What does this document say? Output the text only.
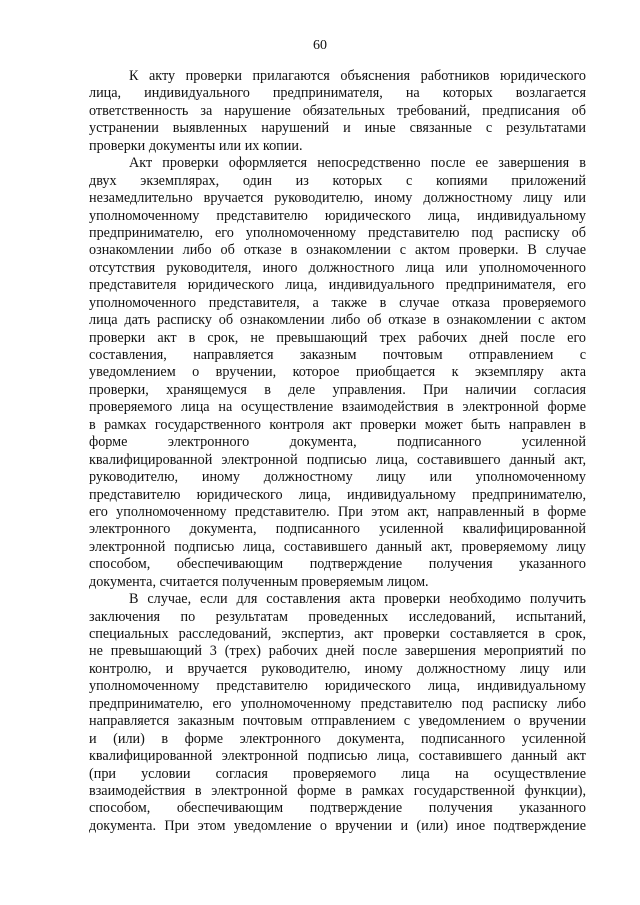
60
К акту проверки прилагаются объяснения работников юридического
лица, индивидуального предпринимателя, на которых возлагается
ответственность за нарушение обязательных требований, предписания об
устранении выявленных нарушений и иные связанные с результатами
проверки документы или их копии.
Акт проверки оформляется непосредственно после ее завершения в
двух экземплярах, один из которых с копиями приложений
незамедлительно вручается руководителю, иному должностному лицу или
уполномоченному представителю юридического лица, индивидуальному
предпринимателю, его уполномоченному представителю под расписку об
ознакомлении либо об отказе в ознакомлении с актом проверки. В случае
отсутствия руководителя, иного должностного лица или уполномоченного
представителя юридического лица, индивидуального предпринимателя, его
уполномоченного представителя, а также в случае отказа проверяемого
лица дать расписку об ознакомлении либо об отказе в ознакомлении с актом
проверки акт в срок, не превышающий трех рабочих дней после его
составления, направляется заказным почтовым отправлением с
уведомлением о вручении, которое приобщается к экземпляру акта
проверки, хранящемуся в деле управления. При наличии согласия
проверяемого лица на осуществление взаимодействия в электронной форме
в рамках государственного контроля акт проверки может быть направлен в
форме электронного документа, подписанного усиленной
квалифицированной электронной подписью лица, составившего данный акт,
руководителю, иному должностному лицу или уполномоченному
представителю юридического лица, индивидуальному предпринимателю,
его уполномоченному представителю. При этом акт, направленный в форме
электронного документа, подписанного усиленной квалифицированной
электронной подписью лица, составившего данный акт, проверяемому лицу
способом, обеспечивающим подтверждение получения указанного
документа, считается полученным проверяемым лицом.
В случае, если для составления акта проверки необходимо получить
заключения по результатам проведенных исследований, испытаний,
специальных расследований, экспертиз, акт проверки составляется в срок,
не превышающий 3 (трех) рабочих дней после завершения мероприятий по
контролю, и вручается руководителю, иному должностному лицу или
уполномоченному представителю юридического лица, индивидуальному
предпринимателю, его уполномоченному представителю под расписку либо
направляется заказным почтовым отправлением с уведомлением о вручении
и (или) в форме электронного документа, подписанного усиленной
квалифицированной электронной подписью лица, составившего данный акт
(при условии согласия проверяемого лица на осуществление
взаимодействия в электронной форме в рамках государственной функции),
способом, обеспечивающим подтверждение получения указанного
документа. При этом уведомление о вручении и (или) иное подтверждение
